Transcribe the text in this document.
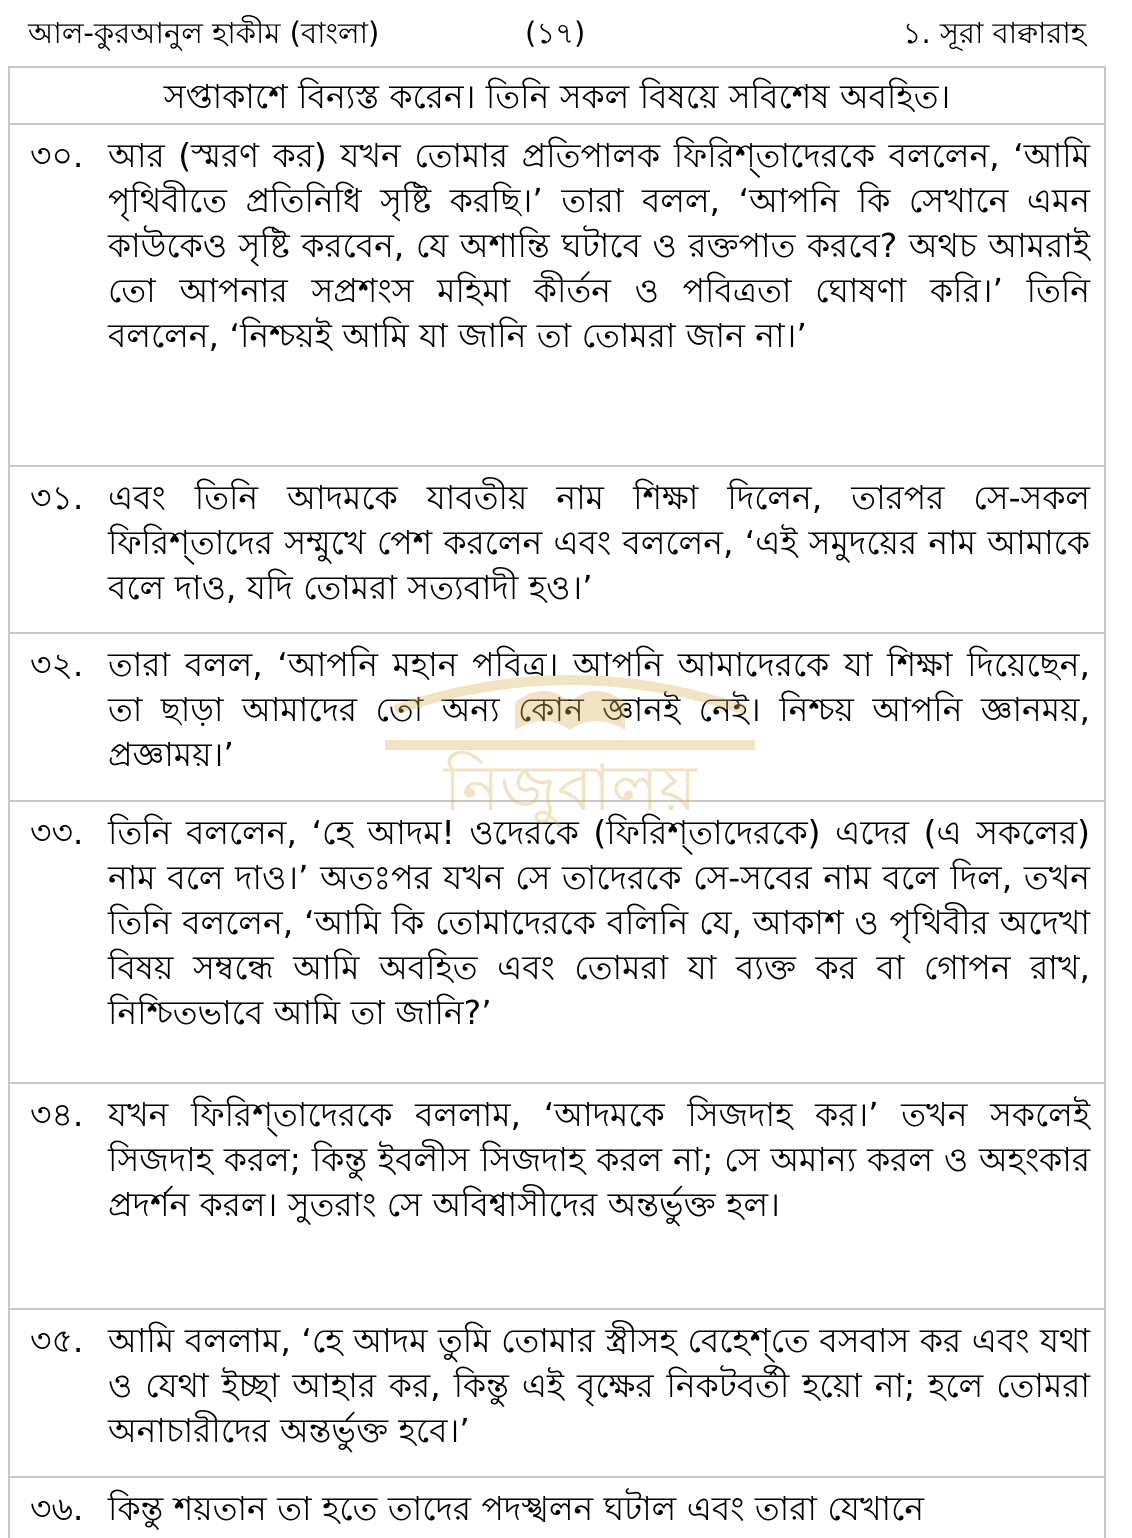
আল-কুরআনুল হাকীম (বাংলা)	(১৭)	১. সূরা বাক্বারাহ
সপ্তাকাশে বিন্যস্ত করেন। তিনি সকল বিষয়ে সবিশেষ অবহিত।
৩০. আর (স্মরণ কর) যখন তোমার প্রতিপালক ফিরিশ্‌তাদেরকে বললেন, ‘আমি পৃথিবীতে প্রতিনিধি সৃষ্টি করছি।’ তারা বলল, ‘আপনি কি সেখানে এমন কাউকেও সৃষ্টি করবেন, যে অশান্তি ঘটাবে ও রক্তপাত করবে? অথচ আমরাই তো আপনার সপ্রশংস মহিমা কীর্তন ও পবিত্রতা ঘোষণা করি।’ তিনি বললেন, ‘নিশ্চয়ই আমি যা জানি তা তোমরা জান না।’
৩১. এবং তিনি আদমকে যাবতীয় নাম শিক্ষা দিলেন, তারপর সে-সকল ফিরিশ্‌তাদের সম্মুখে পেশ করলেন এবং বললেন, ‘এই সমুদয়ের নাম আমাকে বলে দাও, যদি তোমরা সত্যবাদী হও।’
৩২. তারা বলল, ‘আপনি মহান পবিত্র। আপনি আমাদেরকে যা শিক্ষা দিয়েছেন, তা ছাড়া আমাদের তো অন্য কোন জ্ঞানই নেই। নিশ্চয় আপনি জ্ঞানময়, প্রজ্ঞাময়।’
৩৩. তিনি বললেন, ‘হে আদম! ওদেরকে (ফিরিশ্‌তাদেরকে) এদের (এ সকলের) নাম বলে দাও।’ অতঃপর যখন সে তাদেরকে সে-সবের নাম বলে দিল, তখন তিনি বললেন, ‘আমি কি তোমাদেরকে বলিনি যে, আকাশ ও পৃথিবীর অদেখা বিষয় সম্বন্ধে আমি অবহিত এবং তোমরা যা ব্যক্ত কর বা গোপন রাখ, নিশ্চিতভাবে আমি তা জানি?’
৩৪. যখন ফিরিশ্‌তাদেরকে বললাম, ‘আদমকে সিজদাহ কর।’ তখন সকলেই সিজদাহ করল; কিন্তু ইবলীস সিজদাহ করল না; সে অমান্য করল ও অহংকার প্রদর্শন করল। সুতরাং সে অবিশ্বাসীদের অন্তর্ভুক্ত হল।
৩৫. আমি বললাম, ‘হে আদম তুমি তোমার স্ত্রীসহ বেহেশ্‌তে বসবাস কর এবং যথা ও যেথা ইচ্ছা আহার কর, কিন্তু এই বৃক্ষের নিকটবর্তী হয়ো না; হলে তোমরা অনাচারীদের অন্তর্ভুক্ত হবে।’
৩৬. কিন্তু শয়তান তা হতে তাদের পদস্খলন ঘটাল এবং তারা যেখানে
নিজুবালয়
